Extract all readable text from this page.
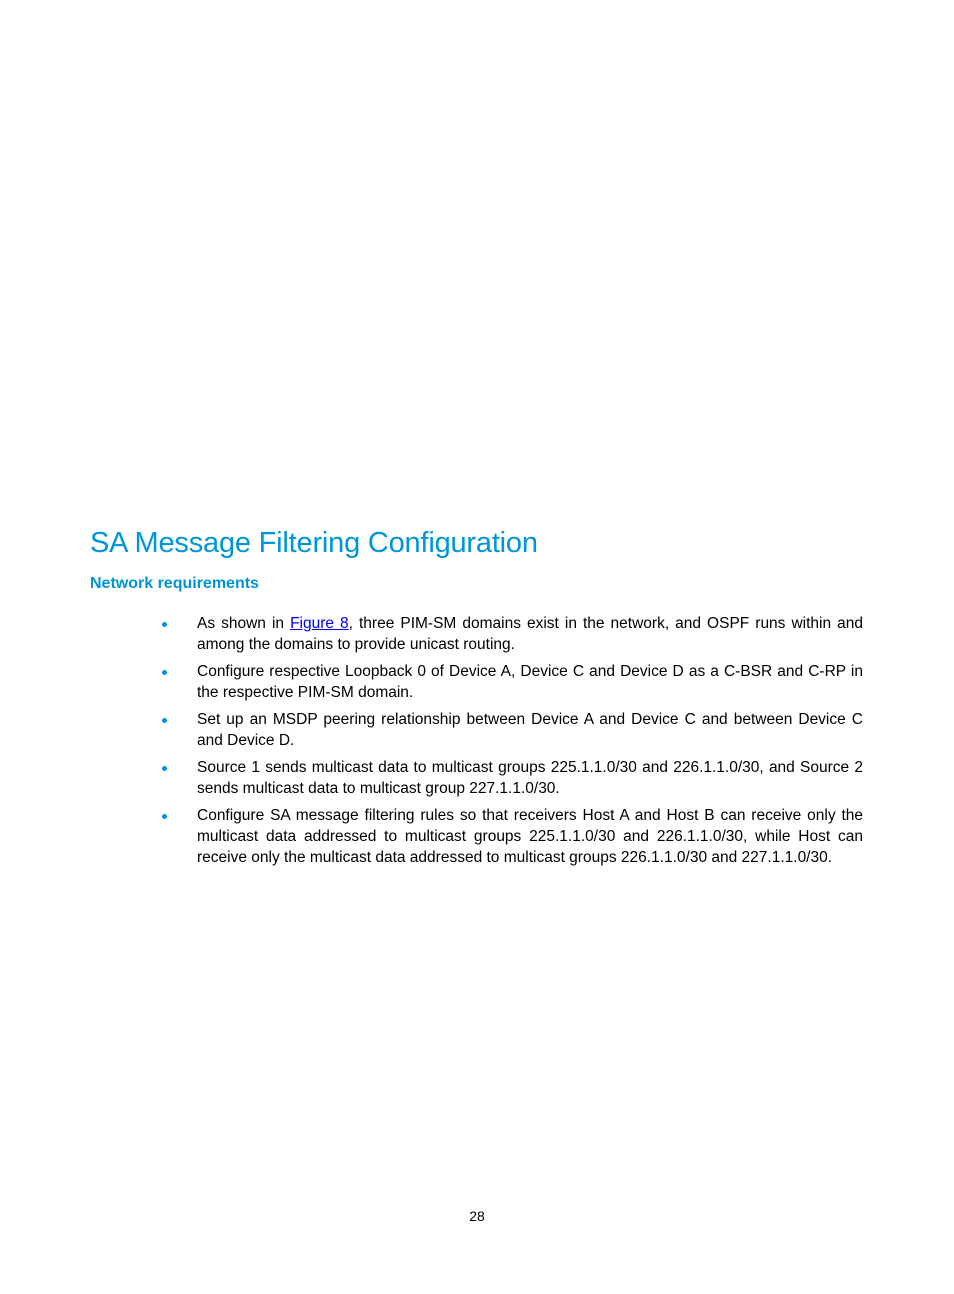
SA Message Filtering Configuration
Network requirements
As shown in Figure 8, three PIM-SM domains exist in the network, and OSPF runs within and among the domains to provide unicast routing.
Configure respective Loopback 0 of Device A, Device C and Device D as a C-BSR and C-RP in the respective PIM-SM domain.
Set up an MSDP peering relationship between Device A and Device C and between Device C and Device D.
Source 1 sends multicast data to multicast groups 225.1.1.0/30 and 226.1.1.0/30, and Source 2 sends multicast data to multicast group 227.1.1.0/30.
Configure SA message filtering rules so that receivers Host A and Host B can receive only the multicast data addressed to multicast groups 225.1.1.0/30 and 226.1.1.0/30, while Host can receive only the multicast data addressed to multicast groups 226.1.1.0/30 and 227.1.1.0/30.
28
